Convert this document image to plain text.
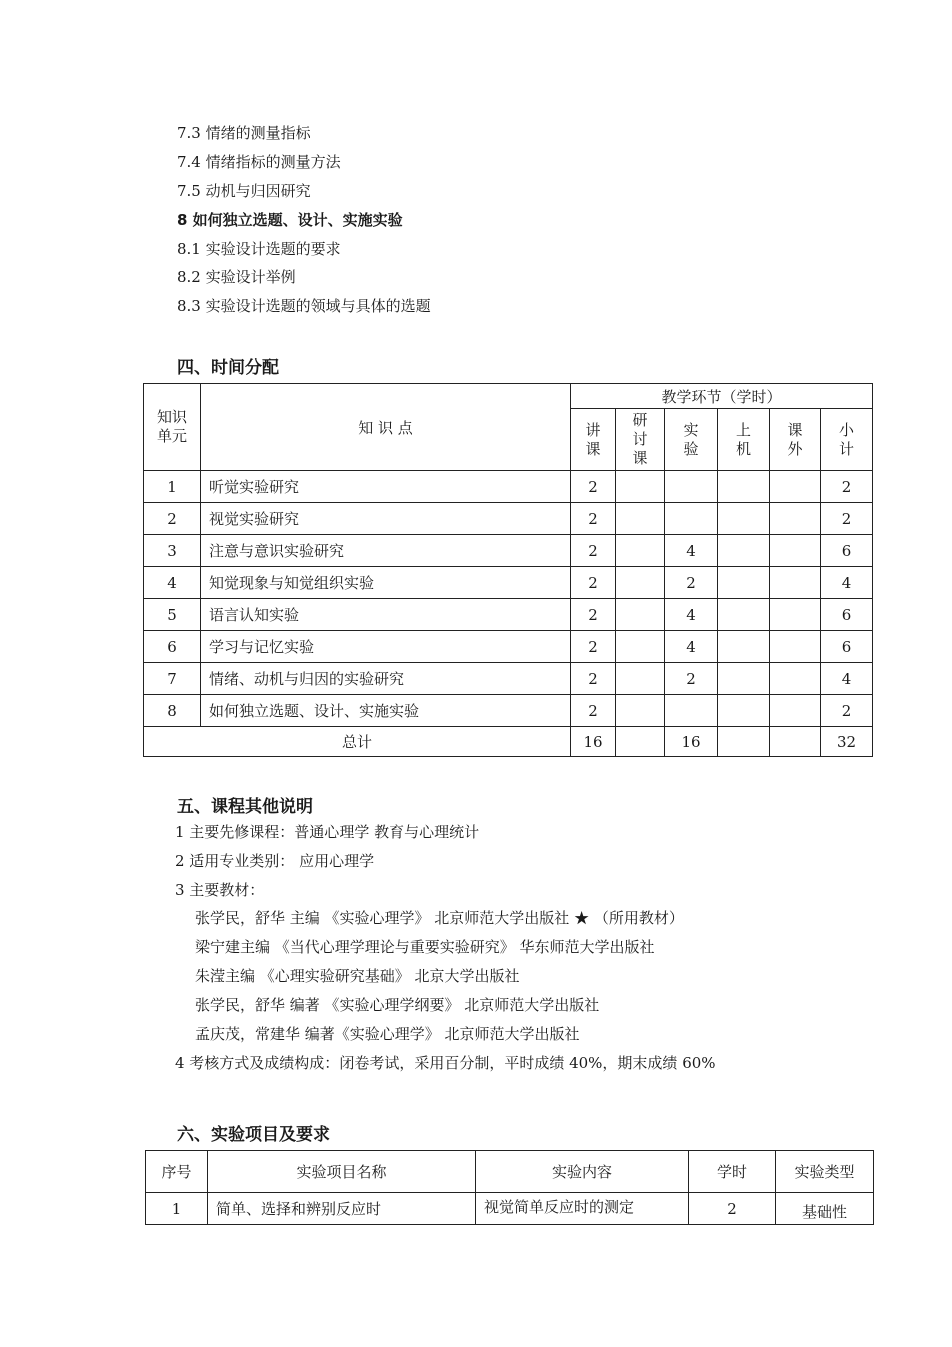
7.3 情绪的测量指标
7.4 情绪指标的测量方法
7.5 动机与归因研究
8 如何独立选题、设计、实施实验
8.1 实验设计选题的要求
8.2 实验设计举例
8.3 实验设计选题的领域与具体的选题
四、时间分配
知识单元	知 识 点	教学环节（学时）					
		讲课	研讨课	实验	上机	课外	小计
1	听觉实验研究	2					2
2	视觉实验研究	2					2
3	注意与意识实验研究	2		4			6
4	知觉现象与知觉组织实验	2		2			4
5	语言认知实验	2		4			6
6	学习与记忆实验	2		4			6
7	情绪、动机与归因的实验研究	2		2			4
8	如何独立选题、设计、实施实验	2					2
总计		16		16			32
五、课程其他说明
1 主要先修课程：普通心理学 教育与心理统计
2 适用专业类别： 应用心理学
3 主要教材：
张学民，舒华 主编 《实验心理学》 北京师范大学出版社 ★ （所用教材）
梁宁建主编 《当代心理学理论与重要实验研究》 华东师范大学出版社
朱滢主编 《心理实验研究基础》 北京大学出版社
张学民，舒华 编著 《实验心理学纲要》 北京师范大学出版社
孟庆茂，常建华 编著《实验心理学》 北京师范大学出版社
4 考核方式及成绩构成：闭卷考试，采用百分制，平时成绩 40%，期末成绩 60%
六、实验项目及要求
序号	实验项目名称	实验内容	学时	实验类型
1	简单、选择和辨别反应时	视觉简单反应时的测定	2	基础性
